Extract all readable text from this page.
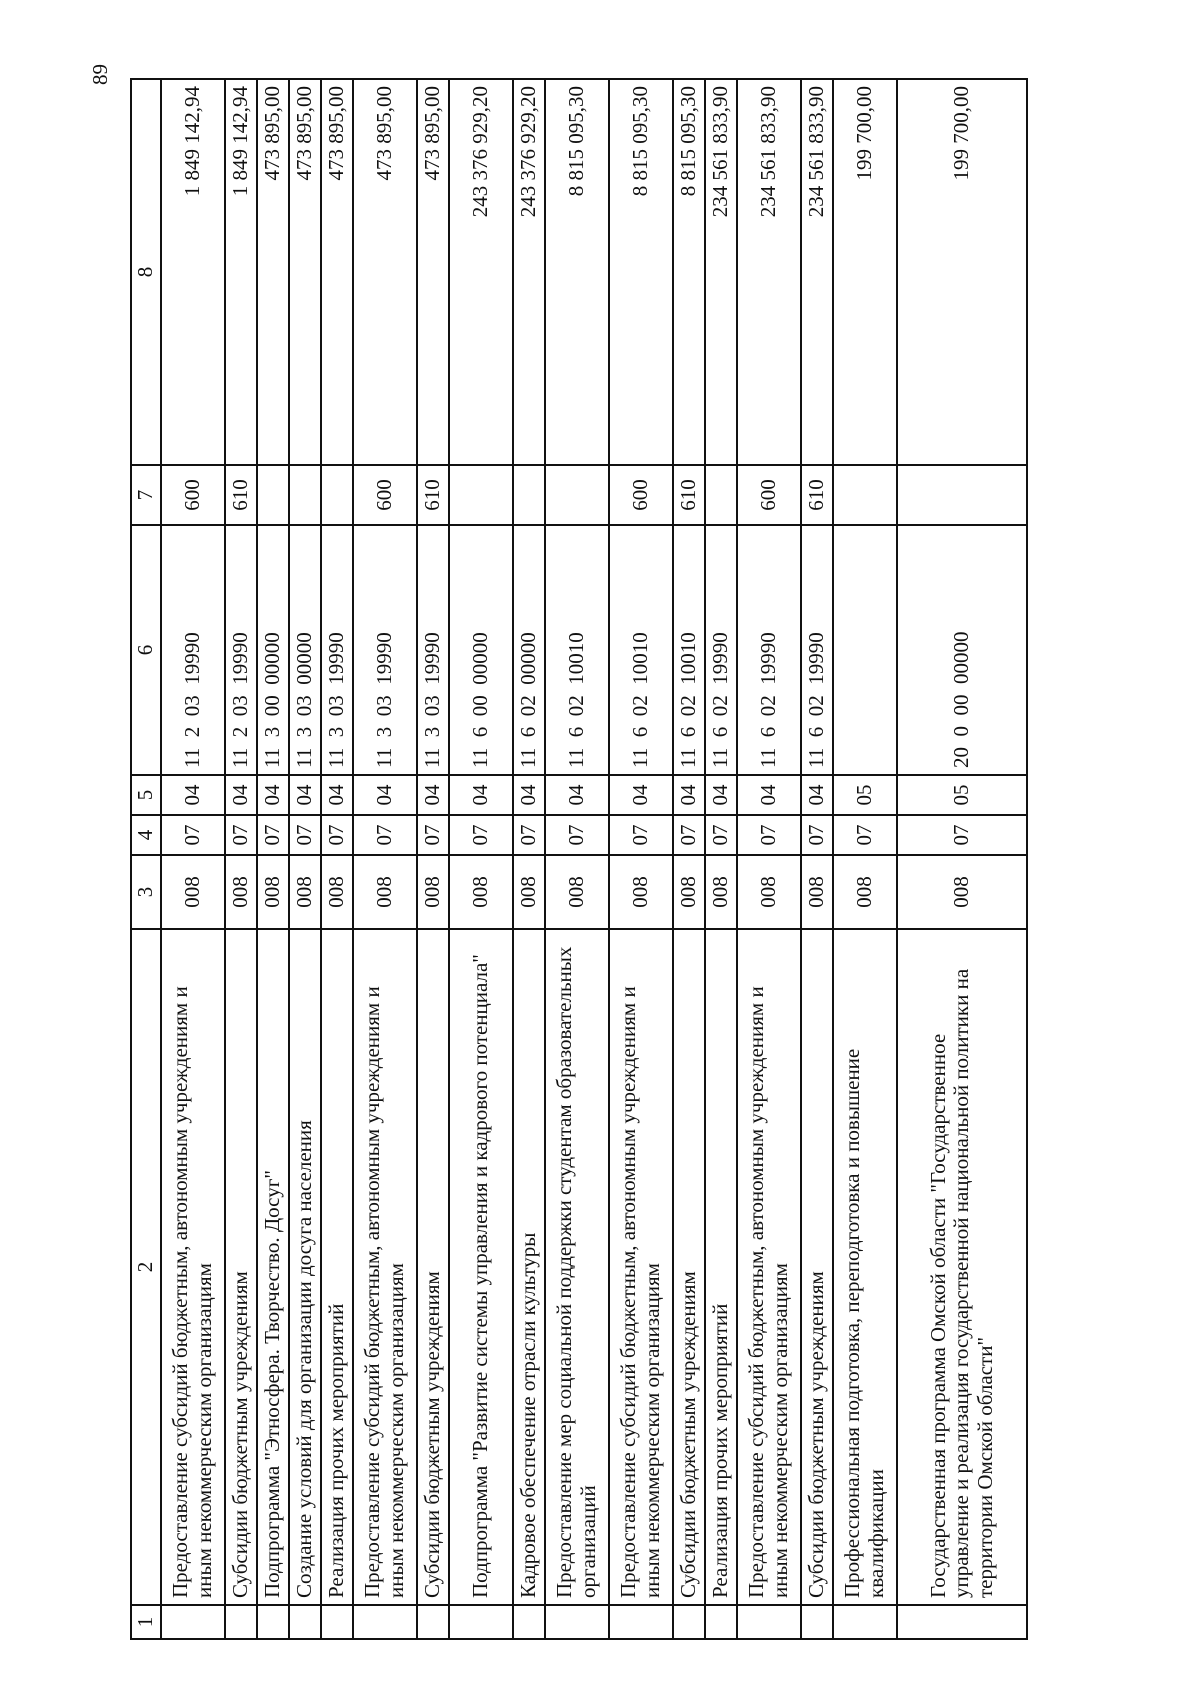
89
1	2	3	4	5	6	7	8
	Предоставление субсидий бюджетным, автономным учреждениям и иным некоммерческим организациям	008	07	04	11  2  03  19990	600	1 849 142,94
	Субсидии бюджетным учреждениям	008	07	04	11  2  03  19990	610	1 849 142,94
	Подпрограмма "Этносфера. Творчество. Досуг"	008	07	04	11  3  00  00000		473 895,00
	Создание условий для организации досуга населения	008	07	04	11  3  03  00000		473 895,00
	Реализация прочих мероприятий	008	07	04	11  3  03  19990		473 895,00
	Предоставление субсидий бюджетным, автономным учреждениям и иным некоммерческим организациям	008	07	04	11  3  03  19990	600	473 895,00
	Субсидии бюджетным учреждениям	008	07	04	11  3  03  19990	610	473 895,00
	Подпрограмма "Развитие системы управления и кадрового потенциала"	008	07	04	11  6  00  00000		243 376 929,20
	Кадровое обеспечение отрасли культуры	008	07	04	11  6  02  00000		243 376 929,20
	Предоставление мер социальной поддержки студентам образовательных организаций	008	07	04	11  6  02  10010		8 815 095,30
	Предоставление субсидий бюджетным, автономным учреждениям и иным некоммерческим организациям	008	07	04	11  6  02  10010	600	8 815 095,30
	Субсидии бюджетным учреждениям	008	07	04	11  6  02  10010	610	8 815 095,30
	Реализация прочих мероприятий	008	07	04	11  6  02  19990		234 561 833,90
	Предоставление субсидий бюджетным, автономным учреждениям и иным некоммерческим организациям	008	07	04	11  6  02  19990	600	234 561 833,90
	Субсидии бюджетным учреждениям	008	07	04	11  6  02  19990	610	234 561 833,90
	Профессиональная подготовка, переподготовка и повышение квалификации	008	07	05			199 700,00
	Государственная программа Омской области "Государственное управление и реализация государственной национальной политики на территории Омской области"	008	07	05	20  0  00  00000		199 700,00
